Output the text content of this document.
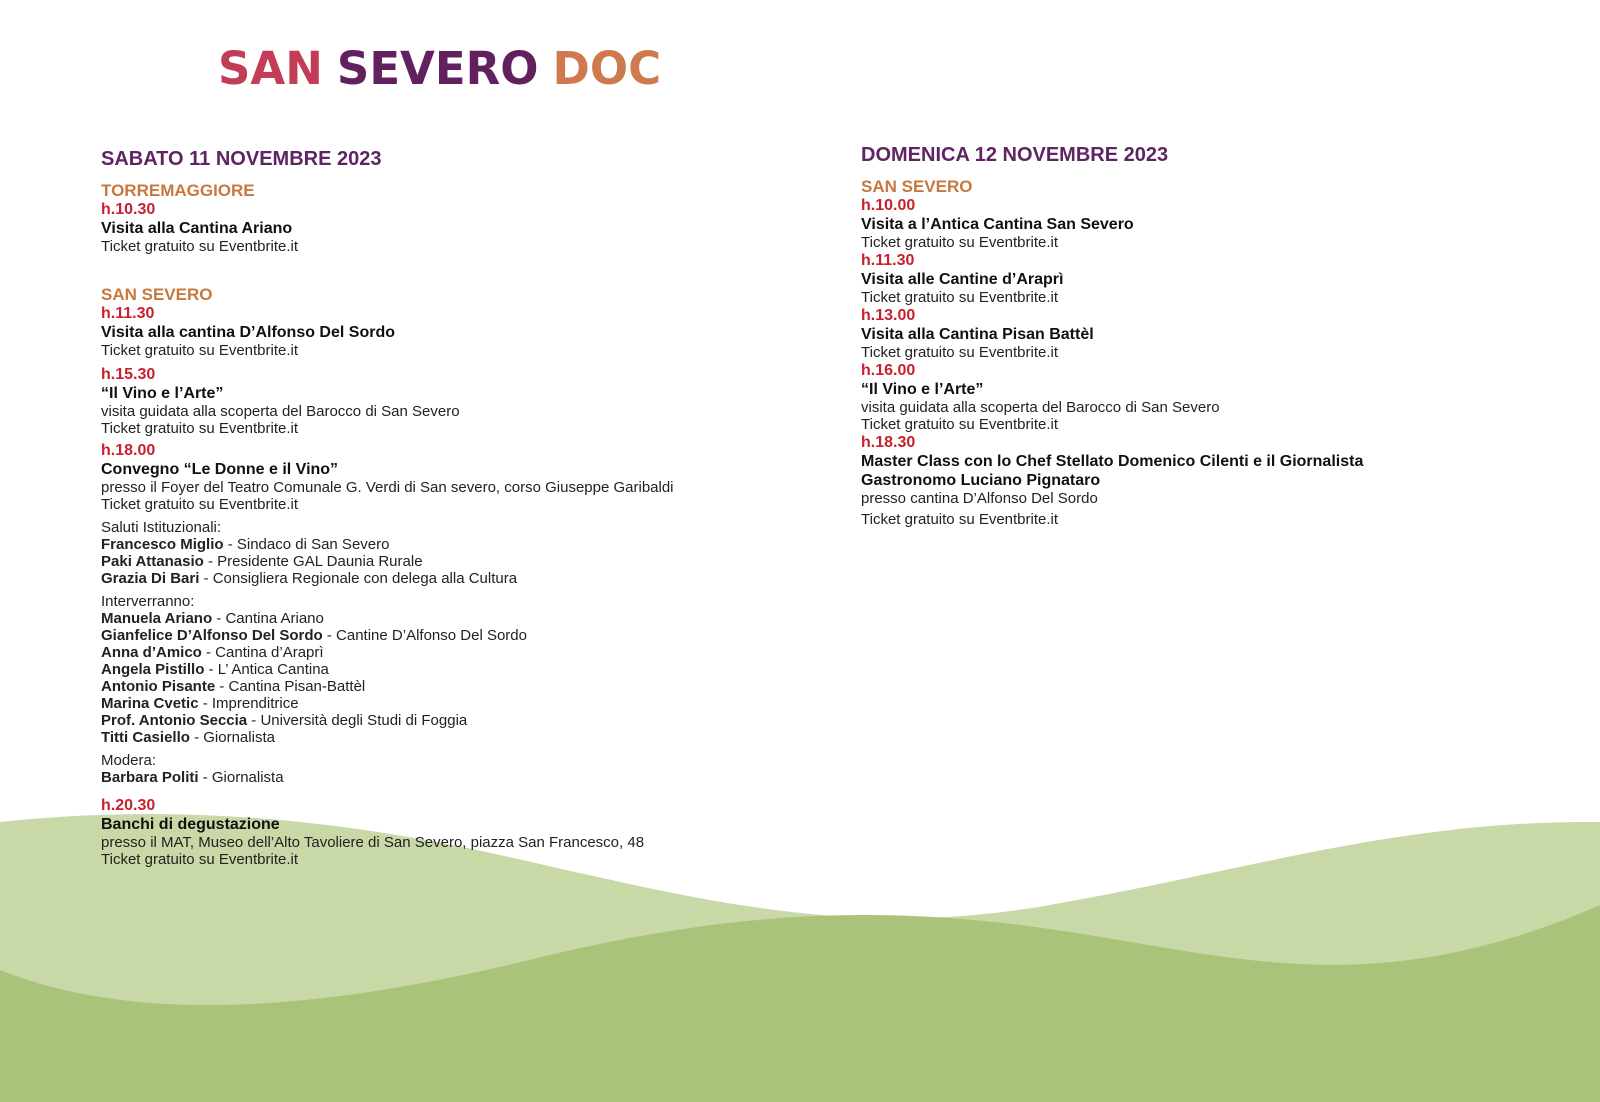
SAN SEVERO DOC
SABATO 11 NOVEMBRE 2023
TORREMAGGIORE
h.10.30
Visita alla Cantina Ariano
Ticket gratuito su Eventbrite.it
SAN SEVERO
h.11.30
Visita alla cantina D’Alfonso Del Sordo
Ticket gratuito su Eventbrite.it
h.15.30
“Il Vino e l’Arte”
visita guidata alla scoperta del Barocco di San Severo
Ticket gratuito su Eventbrite.it
h.18.00
Convegno “Le Donne e il Vino”
presso il Foyer del Teatro Comunale G. Verdi di San severo, corso Giuseppe Garibaldi
Ticket gratuito su Eventbrite.it
Saluti Istituzionali:
Francesco Miglio - Sindaco di San Severo
Paki Attanasio - Presidente GAL Daunia Rurale
Grazia Di Bari - Consigliera Regionale con delega alla Cultura
Interverranno:
Manuela Ariano - Cantina Ariano
Gianfelice D’Alfonso Del Sordo - Cantine D’Alfonso Del Sordo
Anna d’Amico - Cantina d’Araprì
Angela Pistillo - L’ Antica Cantina
Antonio Pisante - Cantina Pisan-Battèl
Marina Cvetic - Imprenditrice
Prof. Antonio Seccia - Università degli Studi di Foggia
Titti Casiello - Giornalista
Modera:
Barbara Politi - Giornalista
h.20.30
Banchi di degustazione
presso il MAT, Museo dell’Alto Tavoliere di San Severo, piazza San Francesco, 48
Ticket gratuito su Eventbrite.it
DOMENICA 12 NOVEMBRE 2023
SAN SEVERO
h.10.00
Visita a l’Antica Cantina San Severo
Ticket gratuito su Eventbrite.it
h.11.30
Visita alle Cantine d’Araprì
Ticket gratuito su Eventbrite.it
h.13.00
Visita alla Cantina Pisan Battèl
Ticket gratuito su Eventbrite.it
h.16.00
“Il Vino e l’Arte”
visita guidata alla scoperta del Barocco di San Severo
Ticket gratuito su Eventbrite.it
h.18.30
Master Class con lo Chef Stellato Domenico Cilenti e il Giornalista
Gastronomo Luciano Pignataro
presso cantina D’Alfonso Del Sordo
Ticket gratuito su Eventbrite.it
